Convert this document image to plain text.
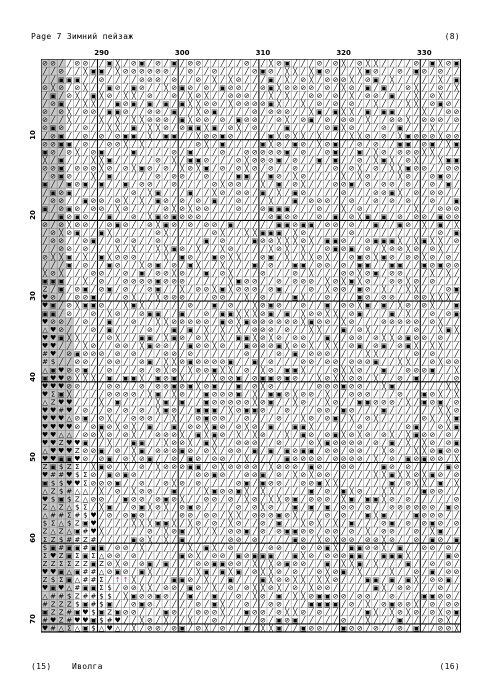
Page 7 Зимний пейзаж	(8)
290	300	310	320	330
10
20
30
40
50
60
70
⊘ ⊘ ╱ ╱ ⊘ ⊘ ╱ ╱ ▣ ╳ ╱ ⊘ ▣ ╱ ⊘ ╱ ▣ ╱ ⊘ ⊘ ╱ ╱ ╱ ╱ ╱ ⊘ ╱ ╱ ╳ ⊘ ▣ ╱ ╱ ╱ ⊘ ╱ ⊘ ╳ ╱ ⊘ ╳ ╳ ╱ ╱ ╱ ╱ ⊘ ╱ ▣ ╳ ⊘ ▣
╱ ╱ ⊘ ╱ ╱ ╳ ▣ ▣ ╱ ╳ ⊘ ⊘ ⊘ ⊘ ⊘ ⊘ ╱ ╱ ⊘ ╱ ╱ ⊘ ╱ ╱ ╱ ╱ ⊘ ▣ ⊘ ╱ ╳ ╳ ╱ ╳ ▣ ⊘ ╱ ╱ ╱ ╳ ▣ ⊘ ╱ ╱ ⊘ ╱ ▣ ⊘ ╱ ⊘ ╱ ╱
╱ ╱ ▣ ▣ ▣ ╱ ╱ ⊘ ╱ ╱ ╱ ╱ ⊘ ⊘ ⊘ ╱ ⊘ ╱ ╱ ⊘ ╱ ╳ ╱ ╳ ⊘ ╱ ╱ ╱ ▣ ╱ ╳ ╱ ⊘ ╳ ╱ ⊘ ⊘ ⊘ ╳ ╱ ⊘ ▣ ╱ ╳ ╱ ╱ ╱ ╱ ╱ ╳ ╱ ▣
⊘ ╳ ⊘ ╱ ⊘ ╳ ╱ ╱ ▣ ⊘ ╱ ▣ ⊘ ╱ ╱ ╳ ⊘ ▣ ⊘ ╱ ⊘ ╱ ▣ ⊘ ⊘ ╱ ╱ ⊘ ▣ ╳ ⊘ ⊘ ⊘ ⊘ ╱ ⊘ ╱ ╳ ⊘ ╱ ▣ ╱ ▣ ╱ ╱ ⊘ ╳ ╱ ╱ ⊘ ╱ ╳
╱ ▣ ╱ ⊘ ╳ ╱ ▣ ╳ ⊘ ╱ ╳ ╳ ╱ ⊘ ╱ ╱ ⊘ ╱ ╳ ⊘ ╳ ╱ ╱ ⊘ ⊘ ⊘ ╱ ╱ ╳ ╱ ╳ ╱ ╱ ⊘ ⊘ ╱ ⊘ ╱ ╳ ╱ ⊘ ⊘ ╱ ▣ ╱ ╱ ╳ ╱ ⊘ ╳ ╱ ╱
╱ ⊘ ▣ ╱ ╱ ╳ ╳ ╱ ╱ ▣ ⊘ ▣ ╱ ▣ ╱ ▣ ╱ ▣ ╳ ╳ ⊘ ⊘ ╱ ╳ ⊘ ⊘ ⊘ ⊘ ▣ ╳ ╱ ╱ ╳ ╱ ⊘ ╱ ⊘ ╱ ⊘ ╱ ╱ ╳ ╱ ╱ ╱ ╳ ╳ ╱ ⊘ ▣ ⊘ ╱
⊘ ╱ ⊘ ╳ ╱ ⊘ ⊘ ╱ ▣ ▣ ⊘ ╱ ╱ ⊘ ⊘ ╱ ▣ ╱ ╱ ╳ ⊘ ▣ ╱ ╱ ╱ ╱ ⊘ ╱ ⊘ ⊘ ⊘ ╱ ╱ ╳ ▣ ╱ ▣ ╳ ╳ ╱ ▣ ╱ ▣ ▣ ╱ ╱ ╱ ╳ ╱ ╱ ⊘ ⊘
⊘ ╱ ╱ ╳ ╱ ╱ ╱ ╳ ╱ ╳ ╱ ╳ ╳ ⊘ ⊘ ⊘ ╱ ▣ ╳ ⊘ ⊘ ╱ ⊘ ╱ ▣ ⊘ ⊘ ╱ ╱ ⊘ ╳ ╱ ⊘ ▣ ╱ ⊘ ╱ ⊘ ⊘ ╱ ╳ ╱ ╱ ⊘ ⊘ ╳ ╱ ⊘ ⊘ ⊘ ╱ ⊘
⊘ ▣ ⊘ ╱ ╱ ⊘ ╱ ╱ ╳ ╳ ╱ ▣ ╱ ╳ ╳ ⊘ ╱ ⊘ ▣ ▣ ╳ ▣ ╱ ⊘ ╳ ╱ ⊘ ╱ ╱ ╱ ▣ ╱ ╱ ╱ ╱ ⊘ ▣ ╳ ⊘ ╱ ╱ ╱ ⊘ ╱ ▣ ╱ ╱ ╱ ╳ ╱ ╱ ╱
╱ ⊘ ▣ ╱ ╱ ⊘ ╱ ⊘ ╱ ⊘ ▣ ▣ ╱ ╳ ╱ ▣ ▣ ╱ ╱ ╳ ⊘ ⊘ ▣ ⊘ ╱ ╱ ╱ ╱ ▣ ╳ ⊘ ╳ ╳ ╱ ╳ ╱ ╱ ╱ ╳ ╳ ⊘ ╱ ⊘ ╱ ╳ ▣ ⊘ ⊘ ⊘ ╳ ⊘ ⊘
⊘ ⊘ ▣ ▣ ╱ ⊘ ╱ ╱ ⊘ ⊘ ╳ ╱ ╳ ╱ ╱ ╱ ╱ ╱ ╱ ⊘ ╳ ╱ ▣ ╱ ╱ ╱ ╱ ▣ ╳ ⊘ ╱ ▣ ⊘ ╱ ╳ ⊘ ▣ ╱ ╱ ⊘ ╱ ⊘ ╱ ╱ ▣ ▣ ╱ ⊘ ▣ ╱ ╳ ▣
▣ ⊘ ╱ ⊘ ╳ ╱ ⊘ ▣ ╱ ╱ ╱ ▣ ╱ ╱ ╱ ╱ ⊘ ╱ ▣ ╱ ╱ ╱ ⊘ ╱ ╱ ⊘ ⊘ ⊘ ⊘ ⊘ ▣ ╱ ⊘ ╱ ╱ ⊘ ▣ ╱ ╱ ▣ ╱ ╳ ⊘ ╱ ⊘ ⊘ ⊘ ╳ ╳ ╱ ╱ ╱
╳ ╱ ▣ ╱ ╱ ╱ ╳ ╳ ▣ ╱ ╱ ╱ ╱ ╱ ⊘ ╱ ╳ ╱ ▣ ▣ ⊘ ╱ ╱ ╱ ⊘ ╳ ⊘ ⊘ ⊘ ▣ ╱ ⊘ ╱ ╱ ▣ ╱ ▣ ╱ ╱ ⊘ ╱ ╳ ▣ ╳ ╱ ⊘ ╳ ╱ ╱ ╳ ▣ ▣
⊘ ⊘ ▣ ╱ ⊘ ⊘ ⊘ ╳ ⊘ ╱ ⊘ ╳ ▣ ⊘ ╱ ⊘ ╱ ╳ ⊘ ╳ ▣ ╱ ⊘ ╱ ⊘ ╳ ⊘ ╱ ⊘ ╱ ╱ ⊘ ╱ ╱ ╱ ╱ ⊘ ╱ ⊘ ╳ ╱ ⊘ ╱ ╳ ╳ ▣ ⊘ ⊘ ╱ ╱ ⊘ ⊘
╱ ⊘ ▣ ⊘ ╱ ╱ ╳ ╱ ▣ ╱ ╱ ╱ ╱ ╱ ⊘ ╱ ⊘ ⊘ ╱ ╱ ⊘ ╱ ╱ ╱ ▣ ▣ ╱ ╱ ▣ ⊘ ╱ ╳ ⊘ ╱ ╱ ╱ ╱ ╳ ╱ ╳ ⊘ ╱ ╱ ╱ ╳ ⊘ ╱ ╱ ⊘ ▣ ⊘ ╱
▣ ╱ ╱ ▣ ⊘ ▣ ╱ ▣ ╱ ╱ ▣ ╱ ⊘ ⊘ ╱ ╱ ⊘ ╱ ╱ ╱ ╱ ⊘ ╳ ⊘ ⊘ ╱ ╱ ╳ ╱ ▣ ╱ ⊘ ╳ ╱ ╱ ╱ ⊘ ⊘ ▣ ╱ ⊘ ╱ ⊘ ⊘ ╱ ⊘ ╱ ╱ ⊘ ╱ ▣ ╱
╱ ▣ ⊘ ▣ ╱ ╱ ╱ ╱ ╱ ╱ ╱ ⊘ ╱ ╳ ▣ ╱ ╱ ╱ ▣ ╱ ╱ ╳ ⊘ ╱ ⊘ ⊘ ╱ ▣ ╱ ╳ ╱ ▣ ⊘ ╱ ╱ ╱ ╱ ⊘ ╱ ╱ ╱ ⊘ ⊘ ▣ ╳ ╱ ⊘ ╱ ⊘ ⊘ ╱ ╱
╱ ⊘ ⊘ ╱ ╱ ▣ ⊘ ⊘ ╱ ⊘ ╳ ╱ ╳ ╱ ▣ ⊘ ╱ ⊘ ╱ ⊘ ╱ ▣ ╱ ╱ ⊘ ╱ ╱ ╱ ╳ ╱ ╱ ▣ ╱ ⊘ ⊘ ⊘ ╱ ╱ ⊘ ╱ ╱ ⊘ ╱ ⊘ ╱ ⊘ ╱ ╱ ⊘ ╱ ╱ ▣
▣ ╱ ⊘ ▣ ⊘ ╱ ⊘ ⊘ ╱ ╳ ⊘ ╱ ╱ ╱ ╱ ⊘ ╳ ⊘ ╳ ⊘ ⊘ ╱ ╱ ╱ ⊘ ╱ ╱ ⊘ ▣ ▣ ▣ ╱ ╱ ╱ ⊘ ╱ ╱ ╳ ╱ ⊘ ╱ ╱ ╱ ╱ ╱ ╱ ╳ ╱ ╱ ⊘ ⊘ ⊘
╱ ╱ ▣ ⊘ ▣ ⊘ ╱ ╱ ▣ ╱ ╱ ⊘ ╱ ╳ ▣ ⊘ ▣ ⊘ ⊘ ⊘ ╱ ╱ ╱ ╱ ╱ ╱ ╱ ╱ ⊘ ▣ ⊘ ⊘ ╱ ╱ ⊘ ╱ ▣ ╱ ⊘ ╳ ▣ ╱ ▣ ╱ ⊘ ╱ ⊘ ⊘ ╱ ▣ ⊘ ⊘
⊘ ╱ ⊘ ╳ ⊘ ⊘ ╱ ╱ ⊘ ▣ ⊘ ╱ ╱ ⊘ ╳ ▣ ⊘ ╱ ⊘ ╱ ⊘ ⊘ ╱ ▣ ╱ ╱ ╱ ╱ ╱ ▣ ▣ ⊘ ▣ ▣ ╱ ⊘ ⊘ ╱ ⊘ ╱ ╱ ▣ ╱ ╱ ▣ ⊘ ╱ ╳ ╱ ▣ ╱ ╳
╱ ⊘ ╳ ⊘ ▣ ╱ ╱ ▣ ╳ ╱ ╱ ╱ ╱ ╱ ⊘ ╳ ╱ ╱ ╱ ╱ ╱ ⊘ ╳ ╱ ╱ ╳ ╳ ▣ ▣ ▣ ╱ ╳ ⊘ ╱ ╱ ╱ ╱ ╱ ⊘ ╱ ╱ ╱ ╱ ╱ ╱ ╱ ╱ ╱ ╱ ⊘ ╱ ▣
╱ ⊘ ⊘ ╱ ╱ ⊘ ▣ ╱ ╱ ⊘ ╱ ⊘ ╱ ╱ ⊘ ╱ ╱ ╱ ╱ ╱ ▣ ╱ ⊘ ╱ ╱ ╱ ▣ ⊘ ⊘ ╳ ╳ ╳ ⊘ ╳ ╱ ▣ ▣ ⊘ ╱ ╱ ⊘ ▣ ▣ ▣ ╳ ╱ ╳ ▣ ╳ ╳ ╱ ⊘
╱ ╱ ⊘ ⊘ ╱ ⊘ ╱ ╱ ╱ ╳ ╱ ╳ ╱ ╱ ╳ ╳ ▣ ⊘ ╱ ╳ ╱ ╱ ╳ ⊘ ╱ ╱ ╱ ╱ ╳ ⊘ ╳ ╱ ╳ ╱ ╱ ⊘ ▣ ⊘ ▣ ╱ ⊘ ╱ ╳ ⊘ ⊘ ╳ ⊘ ╱ ⊘ ╳ ╱ ╱
⊘ ╳ ╳ ▣ ╱ ╳ ╱ ▣ ╳ ⊘ ⊘ ⊘ ╱ ╱ ╱ ╳ ╱ ▣ ⊘ ╱ ╱ ▣ ⊘ ╳ ╳ ╱ ╱ ⊘ ▣ ╱ ╳ ╱ ╳ ╳ ⊘ ╳ ╱ ╱ ⊘ ▣ ⊘ ╳ ▣ ⊘ ╱ ⊘ ⊘ ╳ ⊘ ╱ ⊘ ╱
╱ ╱ ╱ ▣ ╱ ⊘ ╱ ╱ ▣ ⊘ ╱ ╱ ╳ ⊘ ▣ ╱ ⊘ ╱ ▣ ╳ ╱ ╱ ╳ ╱ ╱ ╱ ▣ ╱ ⊘ ╱ ╱ ▣ ▣ ╱ ⊘ ⊘ ╱ ⊘ ╱ ▣ ▣ ╱ ╱ ▣ ▣ ╱ ╱ ▣ ⊘ ▣ ⊘ ⊘
╳ ⊘ ╳ ╱ ╱ ╱ ⊘ ⊘ ╱ ╱ ⊘ ╱ ▣ ╱ ⊘ ⊘ ╳ ⊘ ╱ ╱ ▣ ╱ ⊘ ╳ ╱ ╱ ╱ ⊘ ╱ ╱ ╱ ⊘ ╱ ╳ ╱ ╱ ╱ ⊘ ⊘ ╳ ⊘ ▣ ╱ ⊘ ⊘ ╱ ╱ ╱ ╳ ╱ ╳ ╱
▣ ▣ ▣ ╱ ╱ ╳ ╱ ⊘ ╱ ╱ ⊘ ⊘ ⊘ ⊘ ▣ ⊘ ⊘ ⊘ ╱ ╱ ╱ ╱ ╱ ╳ ▣ ⊘ ⊘ ╱ ╱ ⊘ ╱ ⊘ ⊘ ⊘ ╱ ╳ ⊘ ╳ ▣ ╳ ⊘ ╱ ╱ ⊘ ⊘ ╳ ⊘ ╱ ⊘ ╱ ╱ ╱
Z ╱ ▣ ╱ ⊘ ▣ ╱ ⊘ ▣ ╱ ⊘ ╱ ╱ ⊘ ▣ ╱ ╱ ╳ ╱ ⊘ ⊘ ╳ ▣ ╳ ⊘ ⊘ ⊘ ╱ ⊘ ▣ ╱ ╱ ╱ ⊘ ╱ ╳ ⊘ ⊘ ╱ ▣ ⊘ ╱ ╳ ╱ ╱ ╳ ╳ ╱ ╱ ╱ ⊘ ▣
♥ ⊘ ╱ ╱ ⊘ ⊘ ▣ ╱ ╱ ╱ ⊘ ╳ ╱ ╱ ╳ ⊘ ⊘ ⊘ ╱ ╱ ╱ ⊘ ⊘ ╱ ╱ ╳ ╱ ⊘ ╱ ╱ ╱ ▣ ╳ ╱ ╱ ⊘ ╱ ╱ ╱ ▣ ⊘ ╱ ⊘ ⊘ ╱ ╱ ⊘ ⊘ ╳ ╳ ╳ ╱
♥ ▣ ╱ ⊘ ╳ ▣ ▣ ⊘ ╱ ╱ ╳ ▣ ╳ ╱ ╱ ╱ ╱ ╱ ⊘ ╱ ╱ ▣ ╱ ⊘ ╱ ╱ ╳ ⊘ ▣ ⊘ ╱ ╱ ⊘ ╱ ╱ ▣ ╱ ⊘ ⊘ ╳ ▣ ╱ ▣ ╱ ╳ ⊘ ╱ ⊘ ╳ ╱ ╱ ▣
▣ ▣ ╱ ⊘ ╱ ╱ ⊘ ╱ ╳ ⊘ ╱ ╱ ⊘ ▣ ▣ ╱ ╱ ▣ ╱ ╱ ⊘ ╱ ▣ ▣ ╳ ╳ ╳ ⊘ ▣ ╱ ▣ ╱ ╳ ⊘ ⊘ ╳ ╳ ╱ ⊘ ▣ ╱ ╱ ╱ ▣ ╱ ╳ ╱ ╱ ⊘ ╱ ⊘ ▣
♥ ⊘ ⊘ ╱ ╱ ⊘ ╱ ╱ ▣ ╱ ╱ ⊘ ╱ ╱ ╳ ╳ ⊘ ⊘ ⊘ ⊘ ⊘ ╱ ▣ ⊘ ╳ ▣ ⊘ ⊘ ⊘ ⊘ ⊘ ⊘ ╳ ▣ ⊘ ⊘ ╱ ╳ ⊘ ╱ ╱ ╱ ⊘ ⊘ ⊘ ⊘ ⊘ ╱ ⊘ ╳ ╱ ╱
△ ♥ ⊘ ╱ ╱ ╱ ⊘ ╱ ▣ ╱ ╱ ╱ ╱ ⊘ ╱ ╱ ▣ ╱ ▣ ╱ ╳ ╱ ╳ ╱ ╳ ╱ ⊘ ⊘ ⊘ ╱ ⊘ ╱ ╱ ╳ ╳ ╱ ╱ ▣ ╱ ⊘ ╳ ╱ ╱ ╱ ╱ ╱ ⊘ ╱ ╱ ╳ ▣ ╳
♥ ♥ ▣ ╳ ╳ ╱ ╱ ╱ ⊘ ╳ ╱ ╱ ▣ ▣ ╱ ╳ ▣ ⊘ ╱ ⊘ ╳ ╱ ╳ ╱ ▣ ▣ ╳ ⊘ ╳ ⊘ ╱ ⊘ ⊘ ╱ ╱ ▣ ╱ ╱ ⊘ ⊘ ╱ ⊘ ╳ ╳ ⊘ ▣ ⊘ ⊘ ╱ ⊘ ╱ ╱
♥ ♥ ╱ ╱ ╱ ╳ ⊘ ╱ ╱ ⊘ ⊘ ╱ ╳ ▣ ⊘ ⊘ ╱ ╱ ▣ ⊘ ⊘ ╳ ⊘ ╱ ╱ ▣ ⊘ ⊘ ⊘ ▣ ╳ ⊘ ⊘ ╳ ╱ ╳ ╳ ╱ ⊘ ▣ ╱ ⊘ ▣ ╱ ⊘ ▣ ╳ ╱ ╳ ╳ ╱ ╱
# ♥ ╱ ⊘ ▣ ⊘ ⊘ ⊘ ╱ ⊘ ╱ ⊘ ╱ ╱ ╱ ⊘ ⊘ ╱ ⊘ ╱ ╱ ╱ ╱ ╱ ╱ ⊘ ╱ ╱ ╱ ⊘ ╱ ▣ ╱ ⊘ ⊘ ⊘ ╱ ╱ ╱ ╱ ╳ ╳ ╱ ╱ ╱ ╱ ⊘ ╱ ⊘ ╱ ╱ ╱
# $ ╱ ╱ ⊘ ⊘ ╱ ╱ ⊘ ⊘ ╱ ╱ ⊘ ▣ ╱ ╳ ╳ ⊘ ▣ ⊘ ⊘ ⊘ ⊘ ▣ ╱ ╱ ▣ ╱ ⊘ ╱ ╱ ╱ ⊘ ⊘ ╱ ⊘ ⊘ ╱ ⊘ ⊘ ⊘ ▣ ╱ ╱ ╳ ╳ ╱ ╱ ⊘ ╳ ⊘ ⊘
△ ▣ ♥ ⊘ ⊘ ▣ ╱ ╱ ⊘ ╱ ╱ ╱ ⊘ ╱ ⊘ ╳ ⊘ ╱ ╳ ⊘ ⊘ ▣ ╳ ╳ ╱ ⊘ ╱ ╳ ⊘ ╱ ▣ ▣ ╳ ╱ ╱ ╱ ⊘ ╳ ╳ ⊘ ╱ ╱ ▣ ╱ ╱ ⊘ ⊘ ⊘ ▣ ╱ ╱ ╳
▣ ♥ ♥ ⊘ ╳ ╳ ╳ ╱ ▣ ╱ ▣ ▣ ╳ ╱ ▣ ⊘ ▣ ╳ ╱ ╱ ╱ ╳ ⊘ ⊘ ▣ ╱ ⊘ ▣ ▣ ⊘ ▣ ⊘ ╱ ╱ ╳ ⊘ ╳ ╳ ⊘ ⊘ ╱ ╳ ╱ ╱ ⊘ ╱ ▣ ╱ ╱ ╱ ╱ ⊘
♥ ♥ ♥ ⊘ ⊘ ╱ ╱ ╱ ⊘ ⊘ ╱ ╱ ⊘ ╱ ⊘ ⊘ ▣ ⊘ ▣ ╳ ⊘ ▣ ╱ ╱ ▣ ╱ ⊘ ╳ ⊘ ╱ ╱ ╱ ╱ ╱ ⊘ ⊘ ⊘ ▣ ⊘ ⊘ ╱ ╱ ╳ ▣ ╱ ╱ ╱ ╱ ╱ ╱ ╳ ╳
♥ Σ ▣ ╳ ╱ ╱ ╱ ╱ ⊘ ⊘ ⊘ ⊘ ╱ ╳ ▣ ╱ ╳ ⊘ ╱ ╱ ▣ ⊘ ⊘ ⊘ ▣ ╱ ╳ ╱ ▣ ▣ ⊘ ╳ ⊘ ⊘ ╱ ╳ ╱ ╱ ⊘ ⊘ ⊘ ╱ ╱ ╱ ⊘ ╱ ╱ ▣ ⊘ ╳ ╱ ╳
△ Z ♥ ♥ ╱ ╱ ╱ ╳ ╱ ▣ ╱ ╱ ╱ ╱ ╳ ▣ ╱ ▣ ╱ ╱ ▣ ⊘ ⊘ ⊘ ⊘ ⊘ ╳ ⊘ ▣ ╱ ╱ ╳ ⊘ ╱ ╱ ╳ ⊘ ╱ ╱ ▣ ▣ ⊘ ⊘ ⊘ ╱ ╳ ╱ ▣ ⊘ ▣ ╱ ⊘
♥ ♥ # ♥ ╱ ⊘ ╱ ╱ ⊘ ╱ ⊘ ╱ ⊘ ╱ ╳ ▣ ⊘ ╱ ╱ ▣ ▣ ▣ ╱ ╳ ⊘ ▣ ▣ ⊘ ╱ ╱ ⊘ ╱ ╱ ╱ ⊘ ⊘ ╱ ▣ ⊘ ╱ ╱ ╱ ▣ ╱ ╱ ╱ ╱ ╱ ╱ ╳ ╳ ⊘
♥ ♥ ♥ △ ⊘ ▣ ╱ ⊘ ╳ ╱ ╱ ⊘ ⊘ ⊘ ╱ ╱ ╳ ╱ ╱ ⊘ ▣ ⊘ ⊘ ╱ ╱ ⊘ ╱ ╱ ╱ ⊘ ╱ ╱ ╳ ⊘ ╱ ⊘ ▣ ╱ ╳ ╱ ⊘ ╳ ╱ ╱ ╱ ╱ ╱ ⊘ ╳ ╱ ╳ ▣
♥ ♥ ♥ ♥ ⊘ ╱ ⊘ ▣ ⊘ ╳ ⊘ ╳ ╱ ▣ ╱ ╱ ▣ ╱ ⊘ ⊘ ╳ ▣ ⊘ ╱ ⊘ ╳ ⊘ ╱ ▣ ╱ ╱ ▣ ▣ ╳ ╱ ╱ ╱ ╱ ╱ ⊘ ╱ ╱ ╱ ╱ ╱ ⊘ ▣ ╱ ╱ ⊘ ╳ ▣
♥ ♥ △ △ ╱ ⊘ ⊘ ╳ ⊘ ╱ ⊘ ╳ ╱ ╱ ⊘ ⊘ ⊘ ╳ ╱ ▣ ╳ ▣ ⊘ ╱ ╳ ╱ ╳ ⊘ ╱ ╱ ╳ ╱ ▣ ⊘ ╱ ⊘ ▣ ╳ ⊘ ╳ ⊘ ╱ ⊘ ╳ ╱ ╳ ▣ ⊘ ⊘ ╱ ⊘ ╱
♥ ♥ Z ♥ ♥ ▣ ╱ ╱ ╳ ╱ ╱ ▣ ▣ ╱ ╱ ╳ ⊘ ⊘ ╳ ╱ ▣ ╳ ╱ ╱ ⊘ ⊘ ⊘ ╱ ╱ ⊘ ╱ ╱ ╱ ⊘ ╳ ▣ ⊘ ⊘ ⊘ ⊘ ╱ ⊘ ╱ ▣ ╱ ╳ ╱ ╳ ⊘ ╱ ⊘ ▣
△ ♥ ♥ ♥ Z ⊘ ⊘ ▣ ╱ ⊘ ╱ ╳ ▣ ╱ ⊘ ⊘ ⊘ ▣ ⊘ ╱ ⊘ ╳ ╱ ⊘ ⊘ ╱ ▣ ╱ ▣ ╱ ▣ ⊘ ▣ ▣ ╱ ⊘ ⊘ ╱ ⊘ ⊘ ╱ ╱ ╳ ⊘ ╱ ╱ ╳ ╳ ⊘ ▣ ⊘ ⊘
♥ ♥ ▣ ▣ ♥ ⊘ ╱ ⊘ ▣ ╱ ⊘ ╳ ⊘ ▣ ╱ ╱ ⊘ ╱ ▣ ⊘ ╱ ⊘ ⊘ ╱ ╱ ╳ ╱ ╱ ╱ ╱ ▣ ⊘ ⊘ ⊘ ⊘ ╱ ⊘ ⊘ ⊘ ⊘ ╱ ╳ ╱ ⊘ ╱ ▣ ⊘ ▣ ⊘ ⊘ ╱ ╳
Z ▣ $ Z Σ ╱ ╳ ▣ ⊘ ╱ ╳ ╱ ⊘ ╱ ╳ ⊘ ⊘ ⊘ ▣ ▣ ╱ ⊘ ╳ ⊘ ⊘ ⊘ ⊘ ╱ ╳ ⊘ ⊘ ⊘ ╱ ▣ ⊘ ╱ ╱ ⊘ ⊘ ╱ ╱ ╱ ▣ ⊘ ╱ ⊘ ╱ ╱ ╱ ╱ ▣ ⊘
♥ # # ♥ $ Σ ⊘ ╱ ▣ ⊘ ▣ ⊘ ╱ ╱ ╱ ╱ ╱ ╱ ╱ ⊘ ⊘ ▣ ⊘ ╱ ╱ ⊘ ⊘ ▣ ╱ ⊘ ╱ ╳ ⊘ ╳ ⊘ ⊘ ╱ ╱ ╱ ╱ ╱ ╳ ╳ ▣ ╳ ╳ ⊘ ╳ ▣ ⊘ ╱ ⊘
▣ $ $ ♥ ♥ Σ ⊘ ⊘ ⊘ ▣ ╱ ╱ ⊘ ╱ ╱ ⊘ ╳ ⊘ ╱ ⊘ ╱ ╱ ╱ ╱ ⊘ ▣ ╱ ▣ ⊘ ⊘ ╱ ╱ ⊘ ⊘ ▣ ╳ ╳ ╱ ╱ ╱ ╱ ╱ ╱ ▣ ╱ ⊘ ╳ ╳ ╱ ▣ ╱ ╳
△ Z $ # △ △ ╱ ╳ ╱ ⊘ ╱ ╳ ⊘ ⊘ ╱ ╱ ▣ ╱ ╱ ╱ ╳ ▣ ⊘ ⊘ ▣ ╳ ╱ ╳ ╱ ╱ ╱ ╱ ╱ ▣ ╱ ⊘ ╱ ▣ ╳ ⊘ ╱ ╱ ╳ ╳ ╱ ╱ ╱ ▣ ⊘ ⊘ ╱ ╱
♥ $ ▣ $ Z △ ⊘ ⊘ ╱ ╱ ▣ ⊘ ⊘ ╱ ⊘ ▣ ⊘ ╳ ╱ ╱ ⊘ ⊘ ╱ ⊘ ╱ ╳ ⊘ ╱ ╳ ╳ ⊘ ▣ ╱ ⊘ ⊘ ⊘ ╱ ╳ ▣ ╱ ▣ ▣ ╳ ⊘ ╱ ⊘ ╱ ╱ ╱ ╱ ╱ ⊘
Z △ Z △ $ Σ ╱ ╳ ▣ ╱ ╱ ⊘ ▣ ╳ ⊘ ╳ ╱ ⊘ ▣ ⊘ ╱ ╱ ╱ ╱ ⊘ ╱ ⊘ ╳ ⊘ ╱ ╱ ▣ ╱ ▣ ╱ ▣ ╱ ⊘ ⊘ ╱ ⊘ ╱ ╱ ⊘ ⊘ ⊘ ⊘ ⊘ ⊘ ╱ ▣ ⊘
△ # # Σ # $ ♥ ╱ ⊘ ╱ ⊘ ▣ ⊘ ╱ ╱ ╱ ╱ ⊘ ⊘ ╱ ⊘ ⊘ ╱ ╳ ╳ ╱ ⊘ ⊘ ⊘ ▣ ⊘ ╳ ╱ ╱ ╱ ⊘ ╱ ⊘ ╱ ╱ ▣ ╳ ▣ ╱ ╱ ╱ ▣ ⊘ ⊘ ⊘ ╱ ╱
$ Σ △ $ Z ▣ ♥ ╱ ╱ ╱ ╱ ╳ ╳ ╳ ▣ ▣ ╳ ╱ ╳ ⊘ ╱ ⊘ ╱ ╳ ⊘ ╱ ╱ ⊘ ╱ ▣ ╱ ╱ ╳ ⊘ ╳ ╱ ╳ ╱ ▣ ╱ ╱ ╱ ⊘ ▣ ╱ ⊘ ╱ ⊘ ▣ ⊘ ╱ ⊘
Z △ Z △ ▣ # ♥ ╳ ╱ ╱ ╱ ╱ ╱ ⊘ ╱ ╳ ⊘ ▣ ╱ ╳ ╱ ╳ ╱ ⊘ ⊘ ▣ ╱ ⊘ ╱ ⊘ ▣ ▣ ⊘ ⊘ ╱ ⊘ ⊘ ╱ ⊘ ╱ ╳ ╱ ⊘ ⊘ ╱ ╱ ⊘ ╱ ╳ ▣ ╱ ╱
Σ Z $ # # Z # ╱ ╱ ╱ ╱ ▣ ⊘ ╳ ╱ ╳ ╱ ▣ ╱ ╱ ╱ ╱ ╱ ⊘ ⊘ ╱ ⊘ ╱ ╱ ╱ ╱ ▣ ⊘ ╱ ╳ ⊘ ╳ ⊘ ⊘ ╱ ⊘ ⊘ ╳ ⊘ ╱ ╱ ⊘ ╱ ▣ ⊘ ╱ ▣
$ ▣ # ▣ ▣ # ▣ ▣ ╱ ⊘ ⊘ ╱ ╳ ╱ ╱ ╱ ╱ ╱ ╳ ╱ ▣ ╳ ╱ ⊘ ╱ ╱ ╱ ╱ ⊘ ⊘ ╱ ╱ ⊘ ╱ ⊘ ▣ ╳ ╱ ▣ ▣ ⊘ ⊘ ╳ ╱ ▣ ╱ ╱ ⊘ ⊘ ╱ ⊘ ╱
Σ ♥ Z ▣ Σ ▣ Σ △ ⊘ ⊘ ╱ ⊘ ╱ ╱ ╱ ╱ ╱ ▣ ⊘ ╳ ╱ ⊘ ⊘ ╱ ▣ ⊘ ▣ ▣ ▣ ╱ ╱ ▣ ╳ ⊘ ╱ ⊘ ⊘ ⊘ ▣ ▣ ╱ ╱ ▣ ▣ ▣ ╳ ╱ ╱ ╱ ╱ ▣ ⊘
Z Z Σ Σ Z Z ▣ Z ⊘ ╳ ⊘ ╱ ⊘ ▣ ╱ ▣ ╱ ╱ ╱ ⊘ ⊘ ▣ ▣ ⊘ ⊘ ╱ ╳ ╱ ╳ ⊘ ▣ ⊘ ⊘ ╱ ╱ ▣ ╱ ╳ ╳ ▣ ╱ ╳ ╱ ╱ ╱ ▣ ╱ ╱ ⊘ ╱ ⊘ ╱
♥ ♥ ▣ △ ▣ # # △ ⊘ ▣ ⊘ ╱ ▣ ╳ ╱ ╱ ╱ ╱ ╱ ╳ ▣ ╱ ▣ ╳ ▣ ╱ ⊘ ╳ ╳ ⊘ ╱ ⊘ ╱ ╱ ⊘ ╳ ⊘ ▣ ╱ ╳ ╱ ╱ ╱ ╳ ╱ ╱ ⊘ ╱ ▣ ╱ ⊘ ⊘
Z $ Σ ▣ △ # # Σ ╱ ↑ ↑ ╳ ╱ ╱ ╱ ╱ ▣ ▣ ⊘ ╱ ╳ ╱ ╱ ▣ ╱ ╱ ╱ ▣ ╳ ⊘ ⊘ ╳ ╳ ╱ ╳ ╳ ⊘ ╱ ╱ ╱ ▣ ▣ ╱ ▣ ╱ ▣ ╳ ╱ ⊘ ⊘ ▣ ╱
♥ ▣ ♥ △ # ▣ ▣ Σ $ ╱ ⊘ ⊘ ╳ ╳ ╱ ⊘ ⊘ ╱ ▣ ⊘ ╱ ╳ ╱ ⊘ ╱ ⊘ ╳ ╳ ⊘ ╳ ╱ ⊘ ╱ ╳ ⊘ ⊘ ╱ ╱ ╱ ╱ ╱ ▣ ╳ ╱ ⊘ ⊘ ╱ ╱ ╱ ⊘ ╱ ╱
△ # # $ Z # # $ $ ╱ ╳ ▣ ⊘ ⊘ ▣ ⊘ ╱ ╱ ▣ ╱ ╱ ▣ ╱ ╱ ⊘ ╱ ╳ ⊘ ╱ ▣ ╱ ╳ ╳ ⊘ ▣ ▣ ⊘ ⊘ ╱ ⊘ ⊘ ╱ ╱ ⊘ ╱ ╱ ╱ ▣ ▣ ⊘ ⊘ ╱
# Z Z Z $ ▣ # $ ▣ ╱ ╱ ⊘ ▣ ⊘ ╱ ╱ ╱ ╱ ╱ ⊘ ╱ ▣ ╳ ╱ ╱ ⊘ ╱ ╱ ⊘ ⊘ ╱ ╱ ╱ ▣ ▣ ▣ ▣ ╱ ⊘ ╱ ╳ ╱ ⊘ ▣ ⊘ ⊘ ╳ ╱ ⊘ ╱ ⊘ ⊘
▣ Z Z # ▣ ♥ $ ▣ Z ▣ ⊘ ⊘ ╱ ╱ ╱ ▣ ⊘ ╱ ╱ ⊘ ⊘ ⊘ ╳ ╱ ╱ ▣ ⊘ ⊘ ╱ ⊘ ╳ ╳ ⊘ ╱ ⊘ ╱ ╱ ╱ ╱ ╱ ▣ ╳ ╱ ╳ ⊘ ╳ ⊘ ╱ ⊘ ╳ ⊘ ▣
# ♥ Z # ♥ ♥ ▣ $ # ♥ ╱ ╱ ╳ ⊘ ╱ ╳ ╱ ╱ ╳ ╱ ╱ ⊘ ╱ ╱ ╱ ╱ ╱ ⊘ ╱ ▣ ⊘ ▣ ╱ ╱ ╱ ╱ ╱ ⊘ ╱ ╱ ╳ ╱ ╱ ╱ ▣ ╱ ╱ ╱ ╱ ⊘ ╳ ╱
♥ # △ Σ △ ▣ $ △ ♥ △ ╱ ╳ ╱ ⊘ ⊘ ╱ ⊘ ▣ ╱ ⊘ ╳ ╱ ⊘ ╱ ╱ ▣ ╱ ╳ ╳ ▣ ╱ ╱ ▣ ⊘ ⊘ ╱ ╱ ▣ ⊘ ⊘ ╱ ⊘ ╱ ╱ ⊘ ╱ ▣ ╱ ╱ ⊘ ⊘ ╳
(15)	Иволга	(16)
